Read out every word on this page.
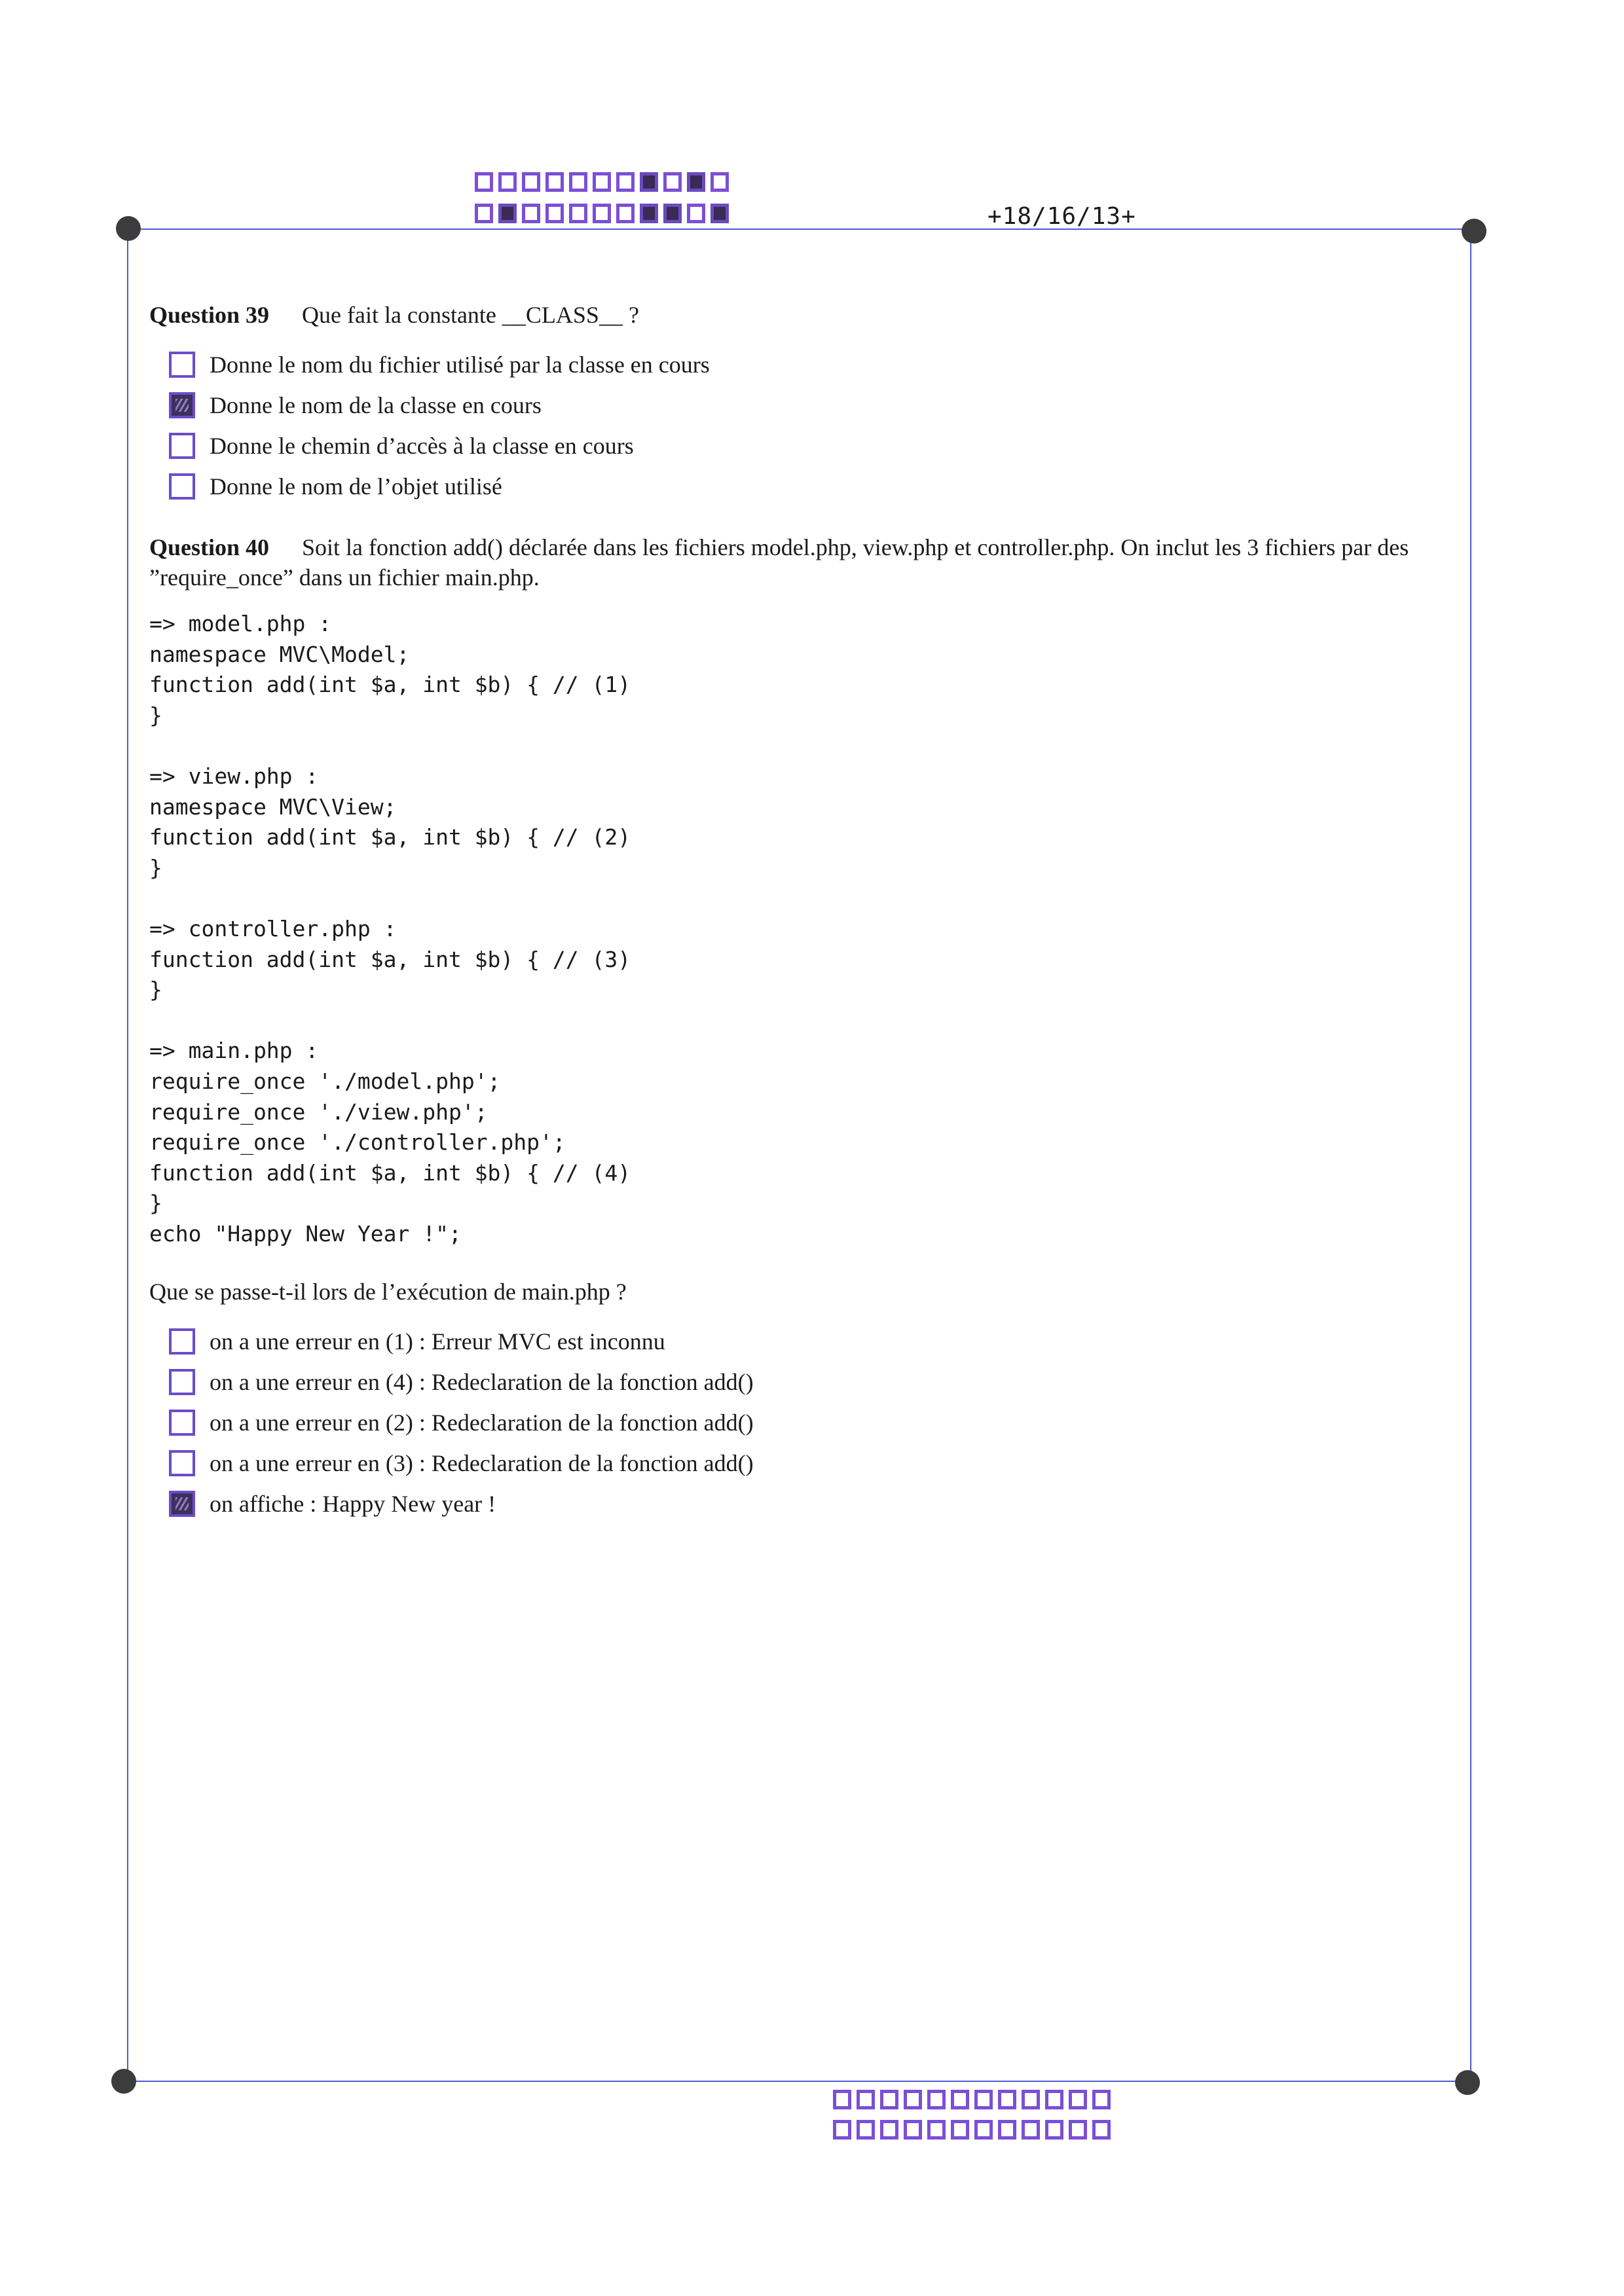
+18/16/13+
Question 39 Que fait la constante __CLASS__ ?
Donne le nom du fichier utilisé par la classe en cours
Donne le nom de la classe en cours
Donne le chemin d’accès à la classe en cours
Donne le nom de l’objet utilisé
Question 40 Soit la fonction add() déclarée dans les fichiers model.php, view.php et controller.php. On inclut les 3 fichiers par des ”require_once” dans un fichier main.php.
=> model.php :
namespace MVC\Model;
function add(int $a, int $b) { // (1)
}
=> view.php :
namespace MVC\View;
function add(int $a, int $b) { // (2)
}
=> controller.php :
function add(int $a, int $b) { // (3)
}
=> main.php :
require_once './model.php';
require_once './view.php';
require_once './controller.php';
function add(int $a, int $b) { // (4)
}
echo "Happy New Year !";
Que se passe-t-il lors de l’exécution de main.php ?
on a une erreur en (1) : Erreur MVC est inconnu
on a une erreur en (4) : Redeclaration de la fonction add()
on a une erreur en (2) : Redeclaration de la fonction add()
on a une erreur en (3) : Redeclaration de la fonction add()
on affiche : Happy New year !
